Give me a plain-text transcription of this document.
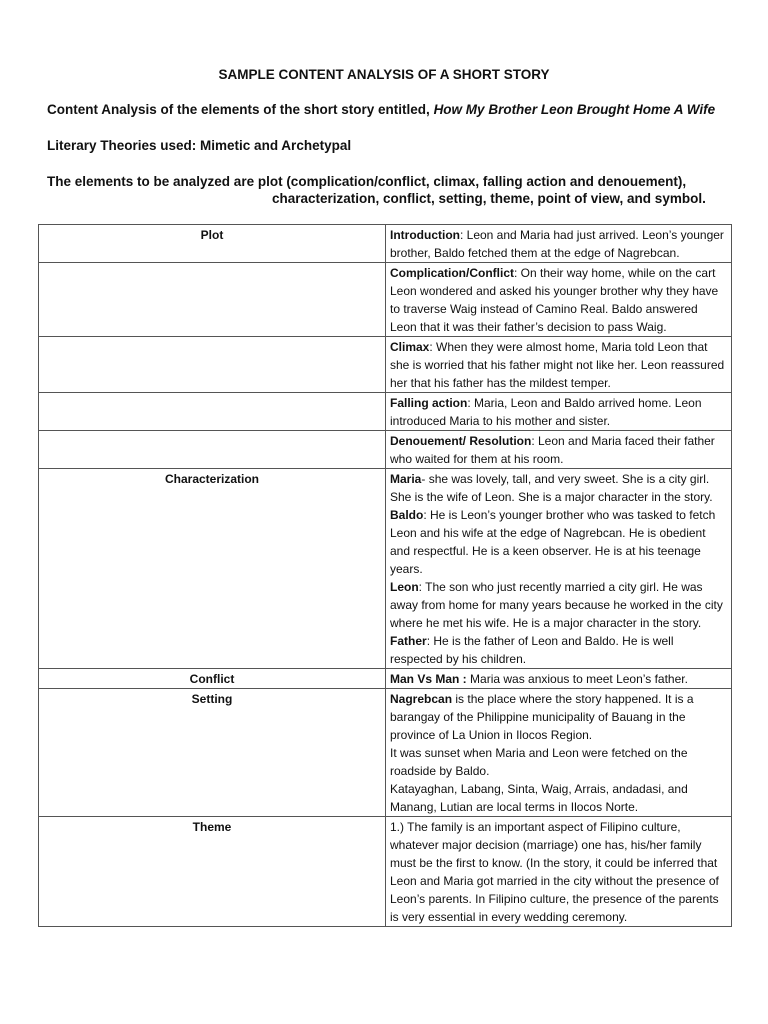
SAMPLE CONTENT ANALYSIS OF A SHORT STORY
Content Analysis of the elements of the short story entitled, How My Brother Leon Brought Home A Wife
Literary Theories used: Mimetic and Archetypal
The elements to be analyzed are plot (complication/conflict, climax, falling action and denouement),
characterization, conflict, setting, theme, point of view, and symbol.
Plot	Introduction: Leon and Maria had just arrived. Leon’s younger brother, Baldo fetched them at the edge of Nagrebcan.
	Complication/Conflict: On their way home, while on the cart Leon wondered and asked his younger brother why they have to traverse Waig instead of Camino Real. Baldo answered Leon that it was their father’s decision to pass Waig.
	Climax: When they were almost home, Maria told Leon that she is worried that his father might not like her. Leon reassured her that his father has the mildest temper.
	Falling action: Maria, Leon and Baldo arrived home. Leon introduced Maria to his mother and sister.
	Denouement/ Resolution: Leon and Maria faced their father who waited for them at his room.
Characterization	Maria- she was lovely, tall, and very sweet. She is a city girl. She is the wife of Leon. She is a major character in the story.

Baldo: He is Leon’s younger brother who was tasked to fetch Leon and his wife at the edge of Nagrebcan. He is obedient and respectful. He is a keen observer. He is at his teenage years.

Leon: The son who just recently married a city girl. He was away from home for many years because he worked in the city where he met his wife. He is a major character in the story.

Father: He is the father of Leon and Baldo. He is well respected by his children.

Conflict	Man Vs Man : Maria was anxious to meet Leon’s father.
Setting	Nagrebcan is the place where the story happened. It is a barangay of the Philippine municipality of Bauang in the province of La Union in Ilocos Region.

It was sunset when Maria and Leon were fetched on the roadside by Baldo.

Katayaghan, Labang, Sinta, Waig, Arrais, andadasi, and Manang, Lutian are local terms in Ilocos Norte.

Theme	1.) The family is an important aspect of Filipino culture, whatever major decision (marriage) one has, his/her family must be the first to know. (In the story, it could be inferred that Leon and Maria got married in the city without the presence of Leon’s parents. In Filipino culture, the presence of the parents is very essential in every wedding ceremony.
